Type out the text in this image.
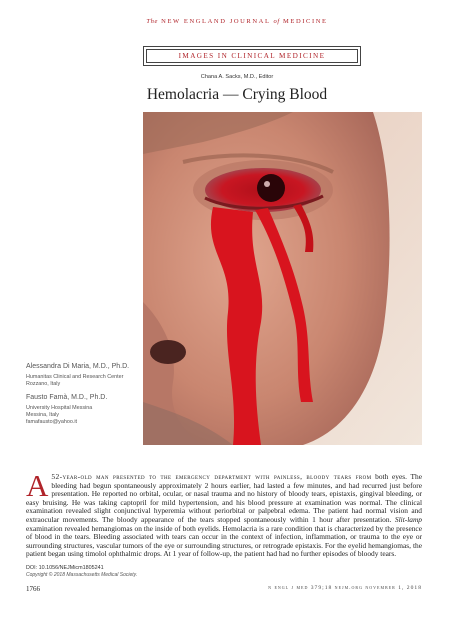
The NEW ENGLAND JOURNAL of MEDICINE
IMAGES IN CLINICAL MEDICINE
Chana A. Sacks, M.D., Editor
Hemolacria — Crying Blood

Alessandra Di Maria, M.D., Ph.D.

Humanitas Clinical and Research Center

Rozzano, Italy

Fausto Famà, M.D., Ph.D.

University Hospital Messina

Messina, Italy

famafausto@yahoo.it

A 52-year-old man presented to the emergency department with painless, bloody tears from both eyes. The bleeding had begun spontaneously approximately 2 hours earlier, had lasted a few minutes, and had recurred just before presentation. He reported no orbital, ocular, or nasal trauma and no history of bloody tears, epistaxis, gingival bleeding, or easy bruising. He was taking captopril for mild hypertension, and his blood pressure at examination was normal. The clinical examination revealed slight conjunctival hyperemia without periorbital or palpebral edema. The patient had normal vision and extraocular movements. The bloody appearance of the tears stopped spontaneously within 1 hour after presentation. Slit-lamp examination revealed hemangiomas on the inside of both eyelids. Hemolacria is a rare condition that is characterized by the presence of blood in the tears. Bleeding associated with tears can occur in the context of infection, inflammation, or trauma to the eye or surrounding structures, vascular tumors of the eye or surrounding structures, or retrograde epistaxis. For the eyelid hemangiomas, the patient began using timolol ophthalmic drops. At 1 year of follow-up, the patient had had no further episodes of bloody tears.
DOI: 10.1056/NEJMicm1805241
Copyright © 2018 Massachusetts Medical Society.
1766	n engl j med 379;18 nejm.org november 1, 2018
